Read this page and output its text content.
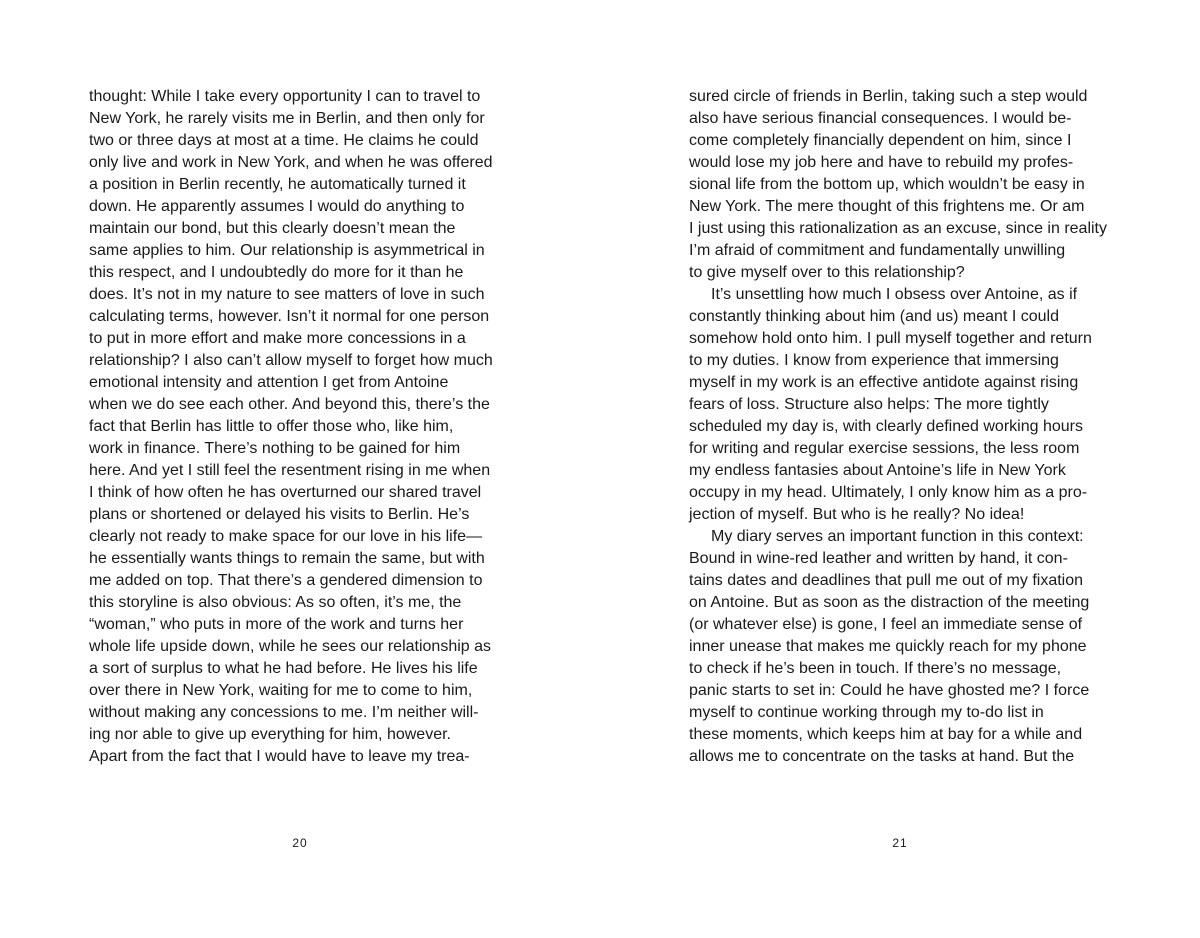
thought: While I take every opportunity I can to travel to
New York, he rarely visits me in Berlin, and then only for
two or three days at most at a time. He claims he could
only live and work in New York, and when he was offered
a position in Berlin recently, he automatically turned it
down. He apparently assumes I would do anything to
maintain our bond, but this clearly doesn’t mean the
same applies to him. Our relationship is asymmetrical in
this respect, and I undoubtedly do more for it than he
does. It’s not in my nature to see matters of love in such
calculating terms, however. Isn’t it normal for one person
to put in more effort and make more concessions in a
relationship? I also can’t allow myself to forget how much
emotional intensity and attention I get from Antoine
when we do see each other. And beyond this, there’s the
fact that Berlin has little to offer those who, like him,
work in finance. There’s nothing to be gained for him
here. And yet I still feel the resentment rising in me when
I think of how often he has overturned our shared travel
plans or shortened or delayed his visits to Berlin. He’s
clearly not ready to make space for our love in his life—
he essentially wants things to remain the same, but with
me added on top. That there’s a gendered dimension to
this storyline is also obvious: As so often, it’s me, the
“woman,” who puts in more of the work and turns her
whole life upside down, while he sees our relationship as
a sort of surplus to what he had before. He lives his life
over there in New York, waiting for me to come to him,
without making any concessions to me. I’m neither will-
ing nor able to give up everything for him, however.
Apart from the fact that I would have to leave my trea-
20
sured circle of friends in Berlin, taking such a step would
also have serious financial consequences. I would be-
come completely financially dependent on him, since I
would lose my job here and have to rebuild my profes-
sional life from the bottom up, which wouldn’t be easy in
New York. The mere thought of this frightens me. Or am
I just using this rationalization as an excuse, since in reality
I’m afraid of commitment and fundamentally unwilling
to give myself over to this relationship?
It’s unsettling how much I obsess over Antoine, as if
constantly thinking about him (and us) meant I could
somehow hold onto him. I pull myself together and return
to my duties. I know from experience that immersing
myself in my work is an effective antidote against rising
fears of loss. Structure also helps: The more tightly
scheduled my day is, with clearly defined working hours
for writing and regular exercise sessions, the less room
my endless fantasies about Antoine’s life in New York
occupy in my head. Ultimately, I only know him as a pro-
jection of myself. But who is he really? No idea!
My diary serves an important function in this context:
Bound in wine-red leather and written by hand, it con-
tains dates and deadlines that pull me out of my fixation
on Antoine. But as soon as the distraction of the meeting
(or whatever else) is gone, I feel an immediate sense of
inner unease that makes me quickly reach for my phone
to check if he’s been in touch. If there’s no message,
panic starts to set in: Could he have ghosted me? I force
myself to continue working through my to-do list in
these moments, which keeps him at bay for a while and
allows me to concentrate on the tasks at hand. But the
21
